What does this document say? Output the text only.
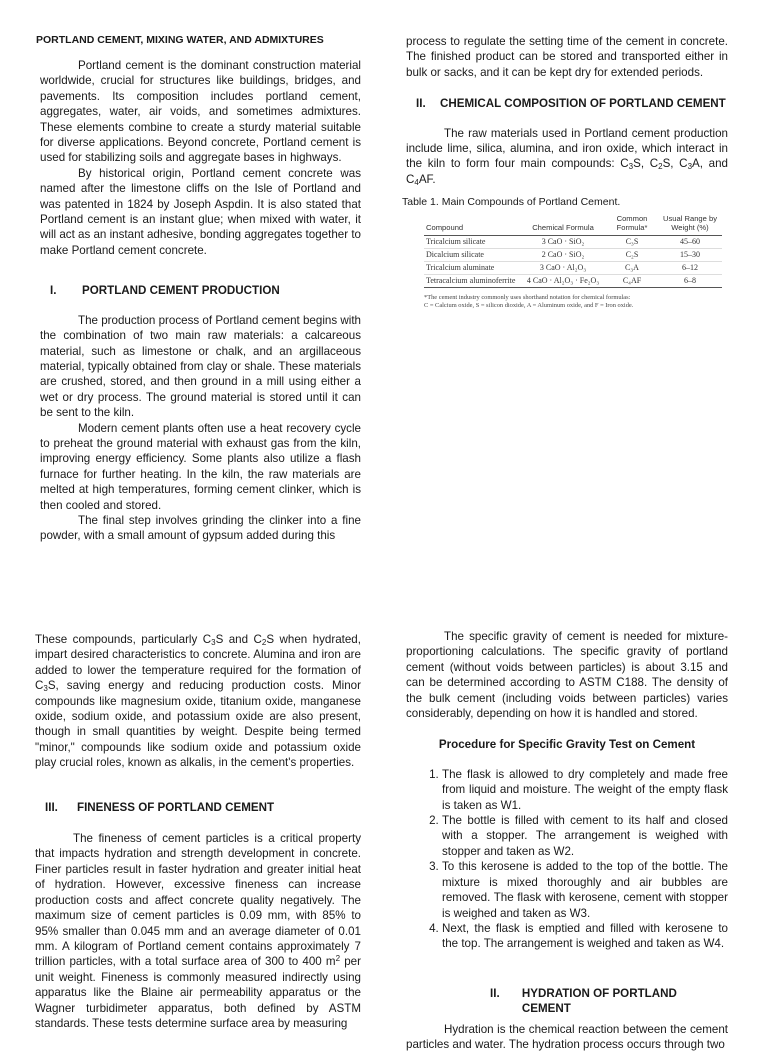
PORTLAND CEMENT, MIXING WATER, AND ADMIXTURES

Portland cement is the dominant construction material worldwide, crucial for structures like buildings, bridges, and pavements. Its composition includes portland cement, aggregates, water, air voids, and sometimes admixtures. These elements combine to create a sturdy material suitable for diverse applications. Beyond concrete, Portland cement is used for stabilizing soils and aggregate bases in highways.

By historical origin, Portland cement concrete was named after the limestone cliffs on the Isle of Portland and was patented in 1824 by Joseph Aspdin. It is also stated that Portland cement is an instant glue; when mixed with water, it will act as an instant adhesive, bonding aggregates together to make Portland cement concrete.

I.	PORTLAND CEMENT PRODUCTION

The production process of Portland cement begins with the combination of two main raw materials: a calcareous material, such as limestone or chalk, and an argillaceous material, typically obtained from clay or shale. These materials are crushed, stored, and then ground in a mill using either a wet or dry process. The ground material is stored until it can be sent to the kiln.

Modern cement plants often use a heat recovery cycle to preheat the ground material with exhaust gas from the kiln, improving energy efficiency. Some plants also utilize a flash furnace for further heating. In the kiln, the raw materials are melted at high temperatures, forming cement clinker, which is then cooled and stored.

The final step involves grinding the clinker into a fine powder, with a small amount of gypsum added during this

process to regulate the setting time of the cement in concrete. The finished product can be stored and transported either in bulk or sacks, and it can be kept dry for extended periods.

II.	CHEMICAL COMPOSITION OF PORTLAND CEMENT

The raw materials used in Portland cement production include lime, silica, alumina, and iron oxide, which interact in the kiln to form four main compounds: $C_3S$, $C_2S$, $C_3A$, and $C_4AF$.

Table 1. Main Compounds of Portland Cement.

Compound	Chemical Formula	Common Formula*	Usual Range by Weight (%)
Tricalcium silicate	3 CaO · SiO₂	C₃S	45–60
Dicalcium silicate	2 CaO · SiO₂	C₂S	15–30
Tricalcium aluminate	3 CaO · Al₂O₃	C₃A	6–12
Tetracalcium aluminoferrite	4 CaO · Al₂O₃ · Fe₂O₃	C₄AF	6–8
*The cement industry commonly uses shorthand notation for chemical formulas:
C = Calcium oxide, S = silicon dioxide, A = Aluminum oxide, and F = Iron oxide.

These compounds, particularly $C_3S$ and $C_2S$ when hydrated, impart desired characteristics to concrete. Alumina and iron are added to lower the temperature required for the formation of $C_3S$, saving energy and reducing production costs. Minor compounds like magnesium oxide, titanium oxide, manganese oxide, sodium oxide, and potassium oxide are also present, though in small quantities by weight. Despite being termed "minor," compounds like sodium oxide and potassium oxide play crucial roles, known as alkalis, in the cement's properties.

III.	FINENESS OF PORTLAND CEMENT

The fineness of cement particles is a critical property that impacts hydration and strength development in concrete. Finer particles result in faster hydration and greater initial heat of hydration. However, excessive fineness can increase production costs and affect concrete quality negatively. The maximum size of cement particles is 0.09 mm, with 85% to 95% smaller than 0.045 mm and an average diameter of 0.01 mm. A kilogram of Portland cement contains approximately 7 trillion particles, with a total surface area of 300 to 400 $m^2$ per unit weight. Fineness is commonly measured indirectly using apparatus like the Blaine air permeability apparatus or the Wagner turbidimeter apparatus, both defined by ASTM standards. These tests determine surface area by measuring

The specific gravity of cement is needed for mixture-proportioning calculations. The specific gravity of portland cement (without voids between particles) is about 3.15 and can be determined according to ASTM C188. The density of the bulk cement (including voids between particles) varies considerably, depending on how it is handled and stored.

Procedure for Specific Gravity Test on Cement
1. The flask is allowed to dry completely and made free from liquid and moisture. The weight of the empty flask is taken as W1.
2. The bottle is filled with cement to its half and closed with a stopper. The arrangement is weighed with stopper and taken as W2.
3. To this kerosene is added to the top of the bottle. The mixture is mixed thoroughly and air bubbles are removed. The flask with kerosene, cement with stopper is weighed and taken as W3.
4. Next, the flask is emptied and filled with kerosene to the top. The arrangement is weighed and taken as W4.
II.	HYDRATION OF PORTLAND CEMENT

Hydration is the chemical reaction between the cement particles and water. The hydration process occurs through two
